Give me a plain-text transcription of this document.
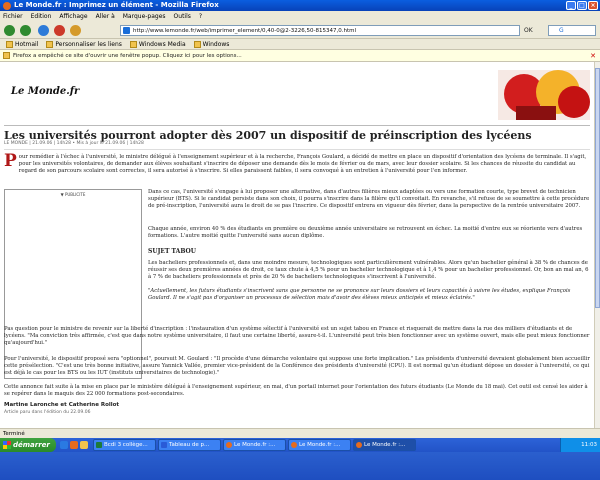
Le Monde.fr : Imprimez un élément - Mozilla Firefox	_	□ ×
Fichier Edition Affichage Aller à Marque-pages Outils ?
http://www.lemonde.fr/web/imprimer_element/0,40-0@2-3226,50-815347,0.html	OK	G
Hotmail	Personnaliser les liens	Windows Media	Windows
Firefox a empêché ce site d'ouvrir une fenêtre popup. Cliquez ici pour les options...	✕
Le Monde.fr
Les universités pourront adopter dès 2007 un dispositif de préinscription des lycéens
LE MONDE | 21.09.06 | 14h28 • Mis à jour le 21.09.06 | 14h28
Pour remédier à l'échec à l'université, le ministre délégué à l'enseignement supérieur et à la recherche, François Goulard, a décidé de mettre en place un dispositif d'orientation des lycéens de terminale. Il s'agit, pour les universités volontaires, de demander aux élèves souhaitant s'inscrire de déposer une demande dès le mois de février ou de mars, avec leur dossier scolaire. Si les chances de réussite du candidat au regard de son parcours scolaire sont correctes, il sera autorisé à s'inscrire. Si elles paraissent faibles, il sera convoqué à un entretien à l'université pour l'en informer.
▼ PUBLICITE	Dans ce cas, l'université s'engage à lui proposer une alternative, dans d'autres filières mieux adaptées ou vers une formation courte, type brevet de technicien supérieur (BTS). Si le candidat persiste dans son choix, il pourra s'inscrire dans la filière qu'il convoitait. En revanche, s'il refuse de se soumettre à cette procédure de pré-inscription, l'université aura le droit de se pas l'inscrire. Ce dispositif entrera en vigueur dès février, dans la perspective de la rentrée universitaire 2007.
Chaque année, environ 40 % des étudiants en première ou deuxième année universitaire se retrouvent en échec. La moitié d'entre eux se réoriente vers d'autres formations. L'autre moitié quitte l'université sans aucun diplôme.
SUJET TABOU
Les bacheliers professionnels et, dans une moindre mesure, technologiques sont particulièrement vulnérables. Alors qu'un bachelier général à 38 % de chances de réussir ses deux premières années de droit, ce taux chute à 4,5 % pour un bachelier technologique et à 1,4 % pour un bachelier professionnel. Or, bon an mal an, 6 à 7 % de bacheliers professionnels et près de 20 % de bacheliers technologiques s'inscrivent à l'université.
"Actuellement, les futurs étudiants s'inscrivent sans que personne ne se prononce sur leurs dossiers et leurs capacités à suivre les études, explique François Goulard. Il ne s'agit pas d'organiser un processus de sélection mais d'avoir des élèves mieux anticipés et mieux éclairés."
Pas question pour le ministre de revenir sur la liberté d'inscription : l'instauration d'un système sélectif à l'université est un sujet tabou en France et risquerait de mettre dans la rue des milliers d'étudiants et de lycéens. "Ma conviction très affirmée, c'est que dans notre système universitaire, il faut une certaine liberté, assure-t-il. L'université peut très bien fonctionner avec un système ouvert, mais elle peut mieux fonctionner qu'aujourd'hui."
Pour l'université, le dispositif proposé sera "optionnel", poursuit M. Goulard : "Il procède d'une démarche volontaire qui suppose une forte implication." Les présidents d'université devraient globalement bien accueillir cette présélection. "C'est une très bonne initiative, assure Yannick Vallée, premier vice-président de la Conférence des présidents d'université (CPU). Il est normal qu'un étudiant dépose un dossier à l'université, ce qui est déjà le cas pour les BTS ou les IUT (instituts universitaires de technologie)."
Cette annonce fait suite à la mise en place par le ministère délégué à l'enseignement supérieur, en mai, d'un portail internet pour l'orientation des futurs étudiants (Le Monde du 18 mai). Cet outil est censé les aider à se repérer dans le maquis des 22 000 formations post-secondaires.
Martine Laronche et Catherine Rollot
Article paru dans l'édition du 22.09.06
Terminé
démarrer	Bcdi 3 collège...	Tableau de p...	Le Monde.fr :...	Le Monde.fr :...	Le Monde.fr :...	11:03
